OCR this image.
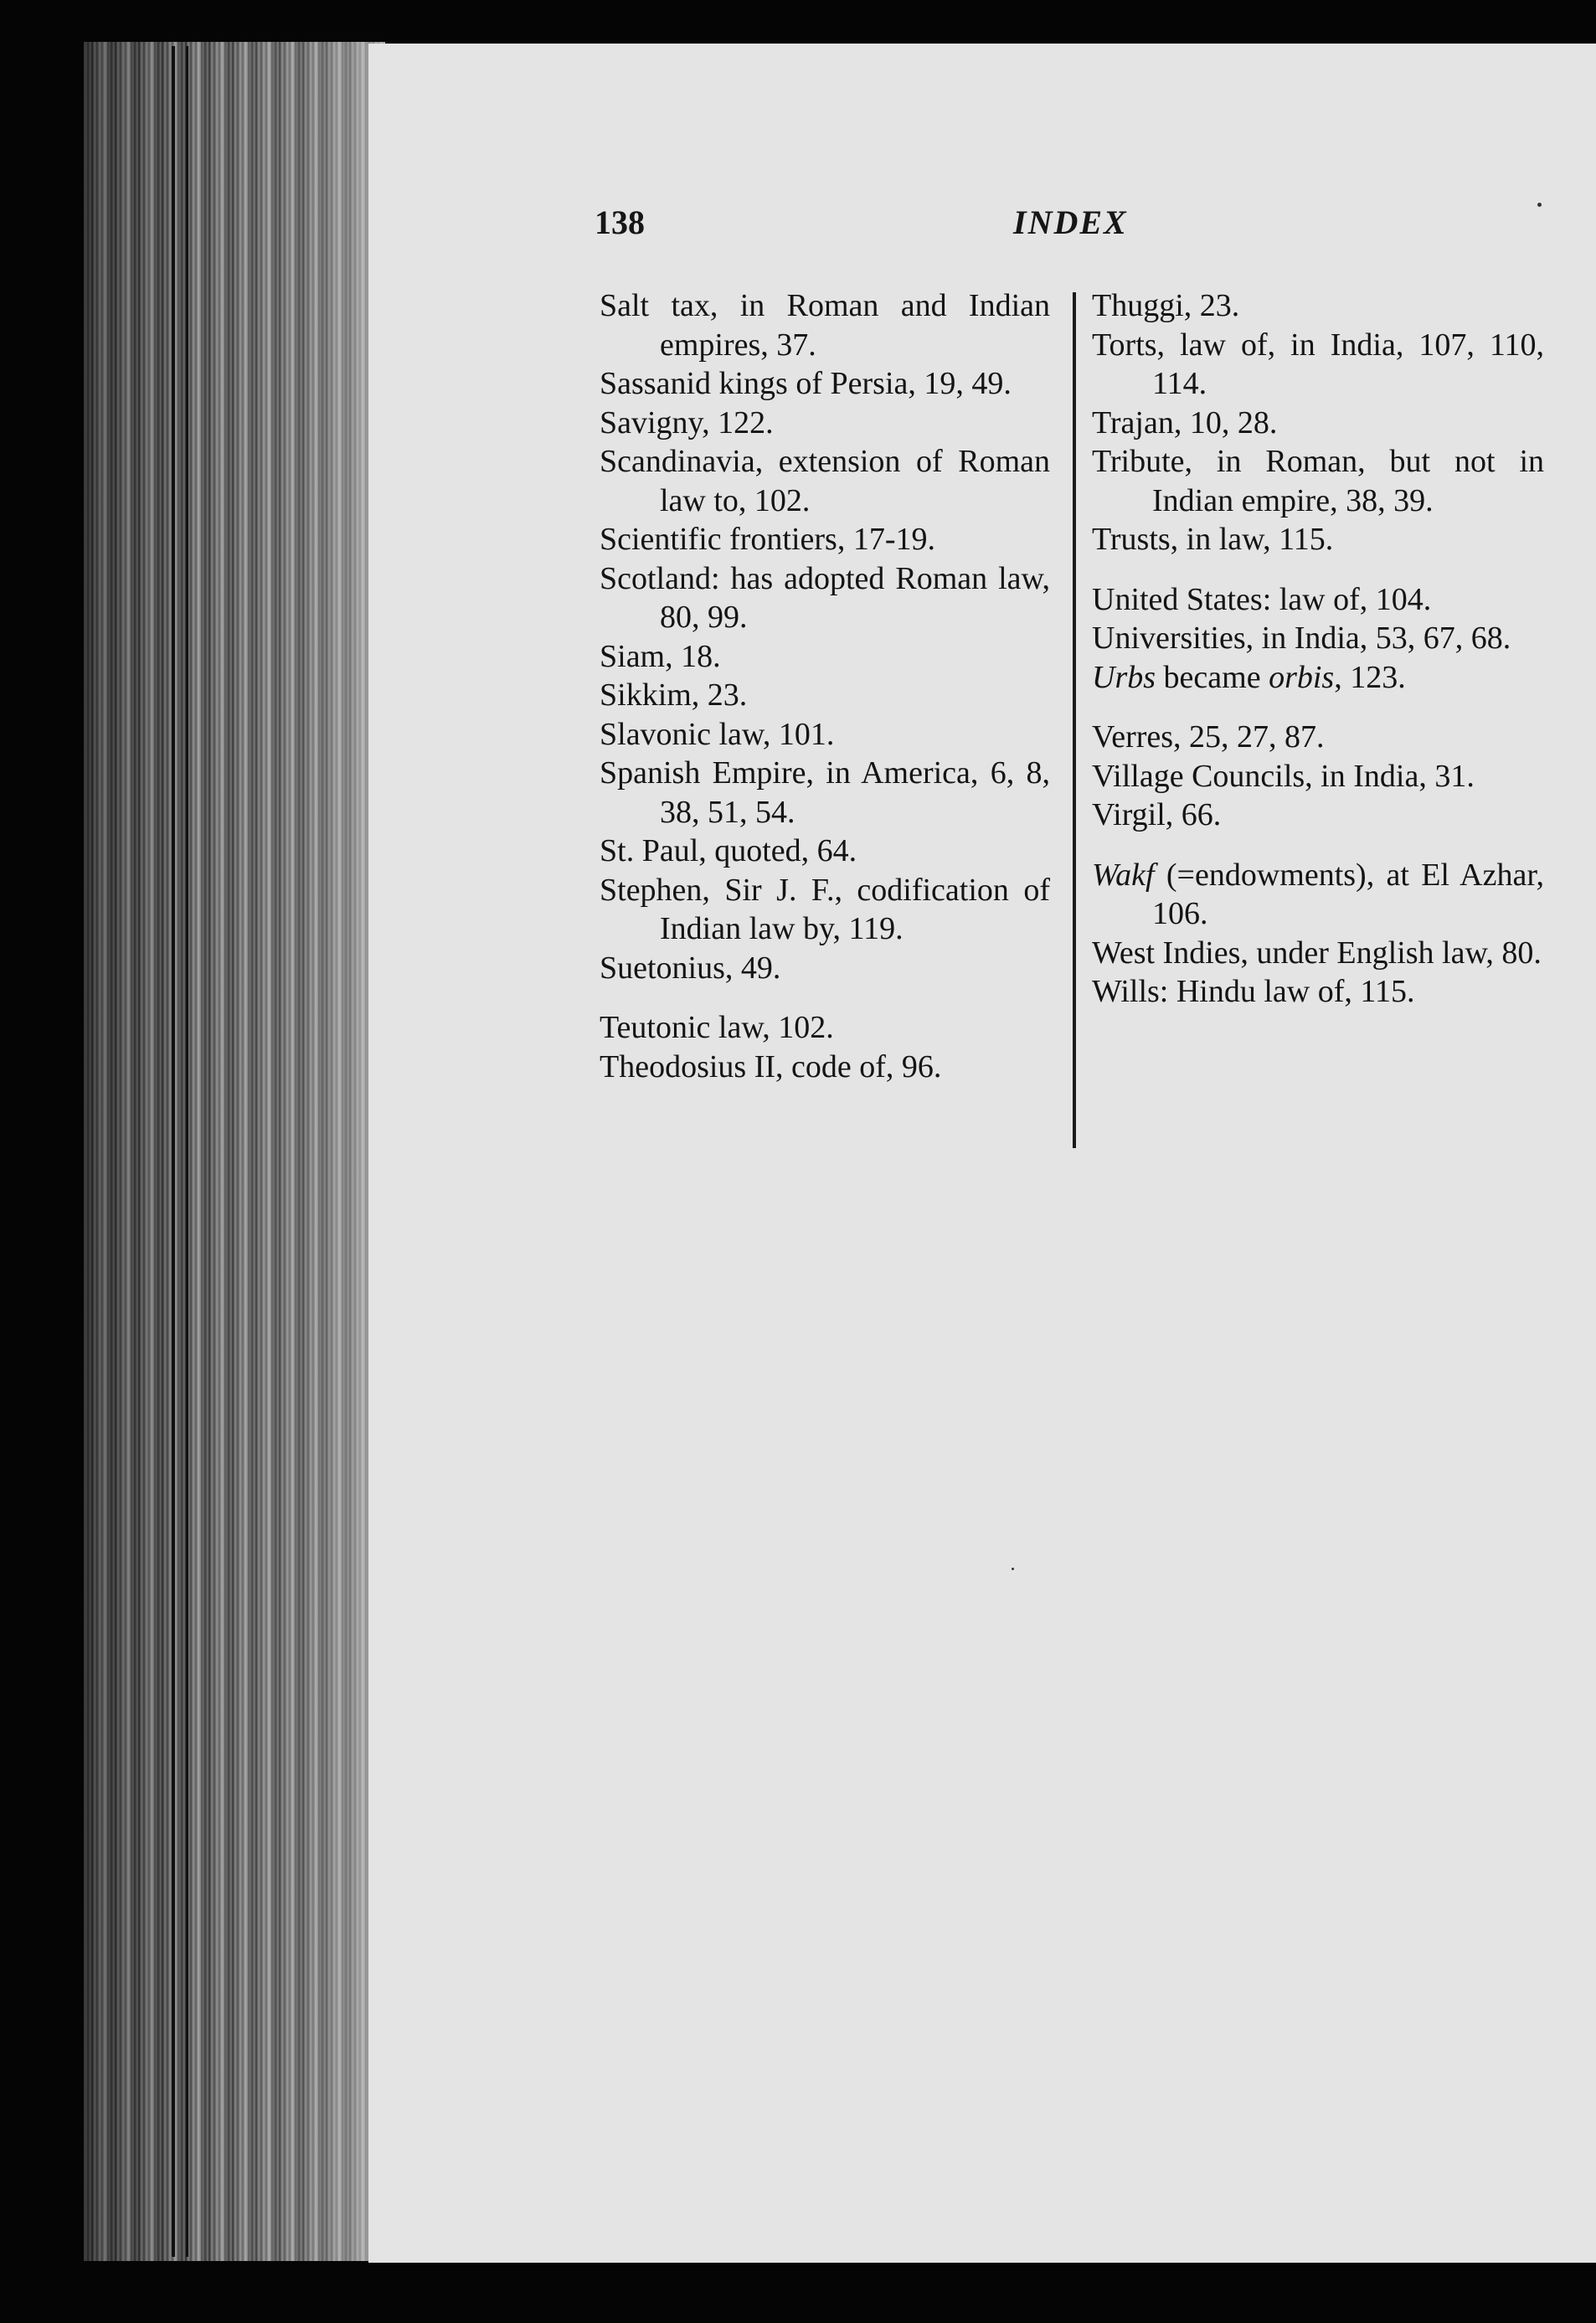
138	INDEX

Salt tax, in Roman and Indian empires, 37.

Sassanid kings of Persia, 19, 49.

Savigny, 122.

Scandinavia, extension of Roman law to, 102.

Scientific frontiers, 17-19.

Scotland: has adopted Roman law, 80, 99.

Siam, 18.

Sikkim, 23.

Slavonic law, 101.

Spanish Empire, in America, 6, 8, 38, 51, 54.

St. Paul, quoted, 64.

Stephen, Sir J. F., codification of Indian law by, 119.

Suetonius, 49.

Teutonic law, 102.

Theodosius II, code of, 96.

Thuggi, 23.

Torts, law of, in India, 107, 110, 114.

Trajan, 10, 28.

Tribute, in Roman, but not in Indian empire, 38, 39.

Trusts, in law, 115.

United States: law of, 104.

Universities, in India, 53, 67, 68.

Urbs became orbis, 123.

Verres, 25, 27, 87.

Village Councils, in India, 31.

Virgil, 66.

Wakf (=endowments), at El Azhar, 106.

West Indies, under English law, 80.

Wills: Hindu law of, 115.
